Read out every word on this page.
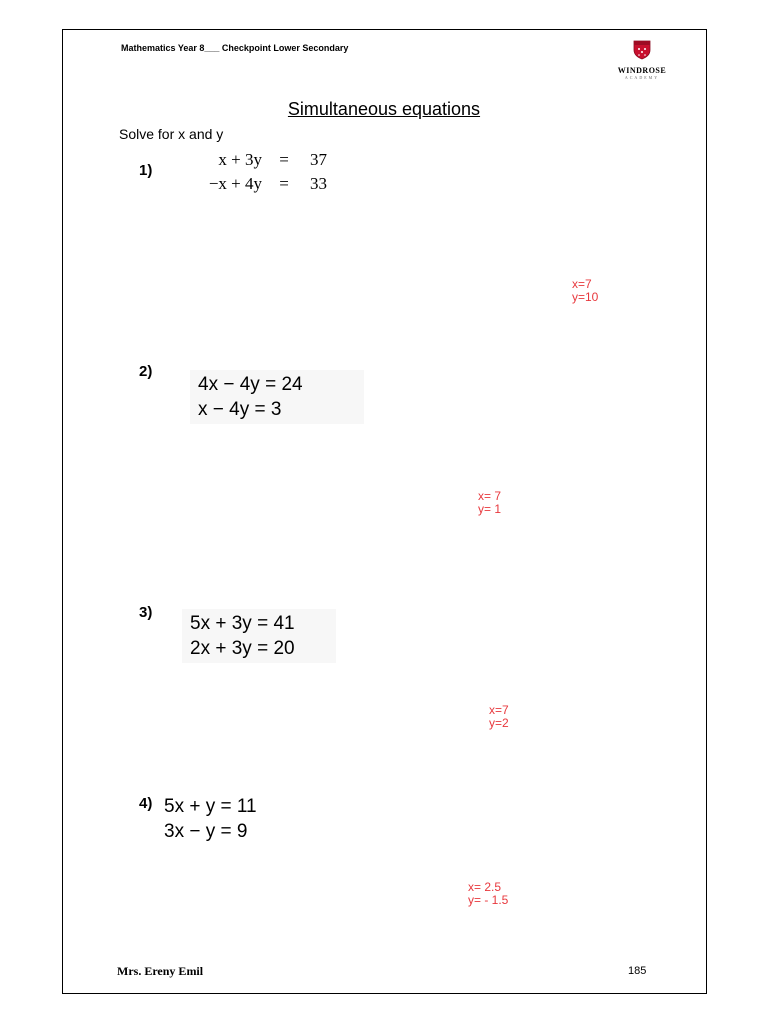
Mathematics Year 8___ Checkpoint Lower Secondary
WINDROSE
ACADEMY
Simultaneous equations
Solve for x and y
1)
x + 3y	=	37
−x + 4y	=	33
x=7
y=10
2)
4x − 4y = 24
x − 4y = 3
x= 7
y= 1
3)
5x + 3y = 41
2x + 3y = 20
x=7
y=2
4) 5x + y = 11
3x − y = 9
x= 2.5
y= - 1.5
Mrs. Ereny Emil	185
